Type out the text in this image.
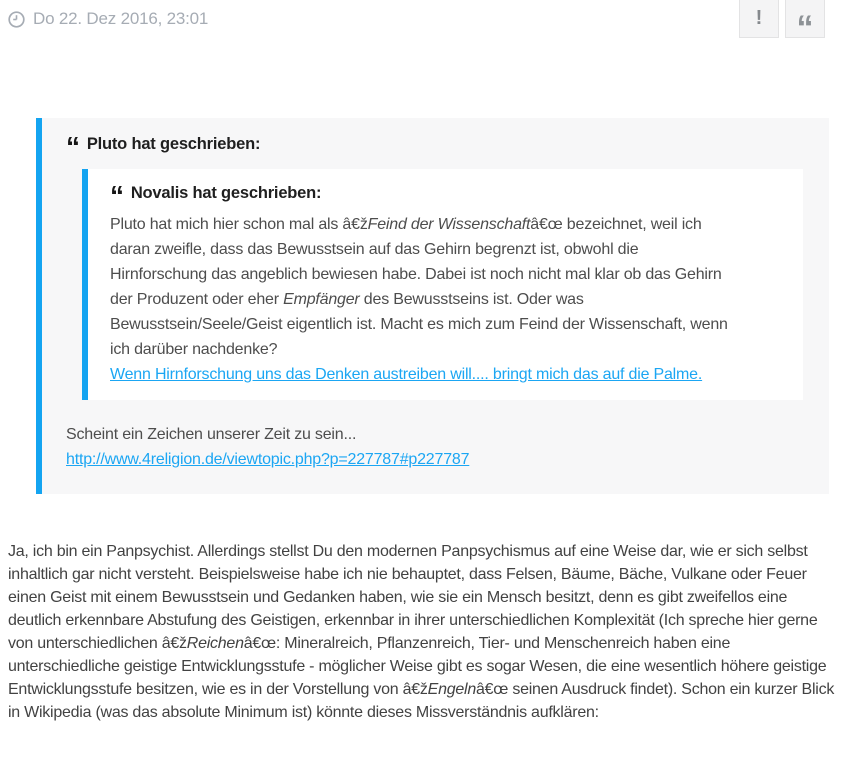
Do 22. Dez 2016, 23:01	! “
“ Pluto hat geschrieben:
“ Novalis hat geschrieben:
Pluto hat mich hier schon mal als â€žFeind der Wissenschaftâ€œ bezeichnet, weil ich daran zweifle, dass das Bewusstsein auf das Gehirn begrenzt ist, obwohl die Hirnforschung das angeblich bewiesen habe. Dabei ist noch nicht mal klar ob das Gehirn der Produzent oder eher Empfänger des Bewusstseins ist. Oder was Bewusstsein/Seele/Geist eigentlich ist. Macht es mich zum Feind der Wissenschaft, wenn ich darüber nachdenke?
Wenn Hirnforschung uns das Denken austreiben will.... bringt mich das auf die Palme.
Scheint ein Zeichen unserer Zeit zu sein...
http://www.4religion.de/viewtopic.php?p=227787#p227787
Ja, ich bin ein Panpsychist. Allerdings stellst Du den modernen Panpsychismus auf eine Weise dar, wie er sich selbst inhaltlich gar nicht versteht. Beispielsweise habe ich nie behauptet, dass Felsen, Bäume, Bäche, Vulkane oder Feuer einen Geist mit einem Bewusstsein und Gedanken haben, wie sie ein Mensch besitzt, denn es gibt zweifellos eine deutlich erkennbare Abstufung des Geistigen, erkennbar in ihrer unterschiedlichen Komplexität (Ich spreche hier gerne von unterschiedlichen â€žReichenâ€œ: Mineralreich, Pflanzenreich, Tier- und Menschenreich haben eine unterschiedliche geistige Entwicklungsstufe - möglicher Weise gibt es sogar Wesen, die eine wesentlich höhere geistige Entwicklungsstufe besitzen, wie es in der Vorstellung von â€žEngelnâ€œ seinen Ausdruck findet). Schon ein kurzer Blick in Wikipedia (was das absolute Minimum ist) könnte dieses Missverständnis aufklären:
